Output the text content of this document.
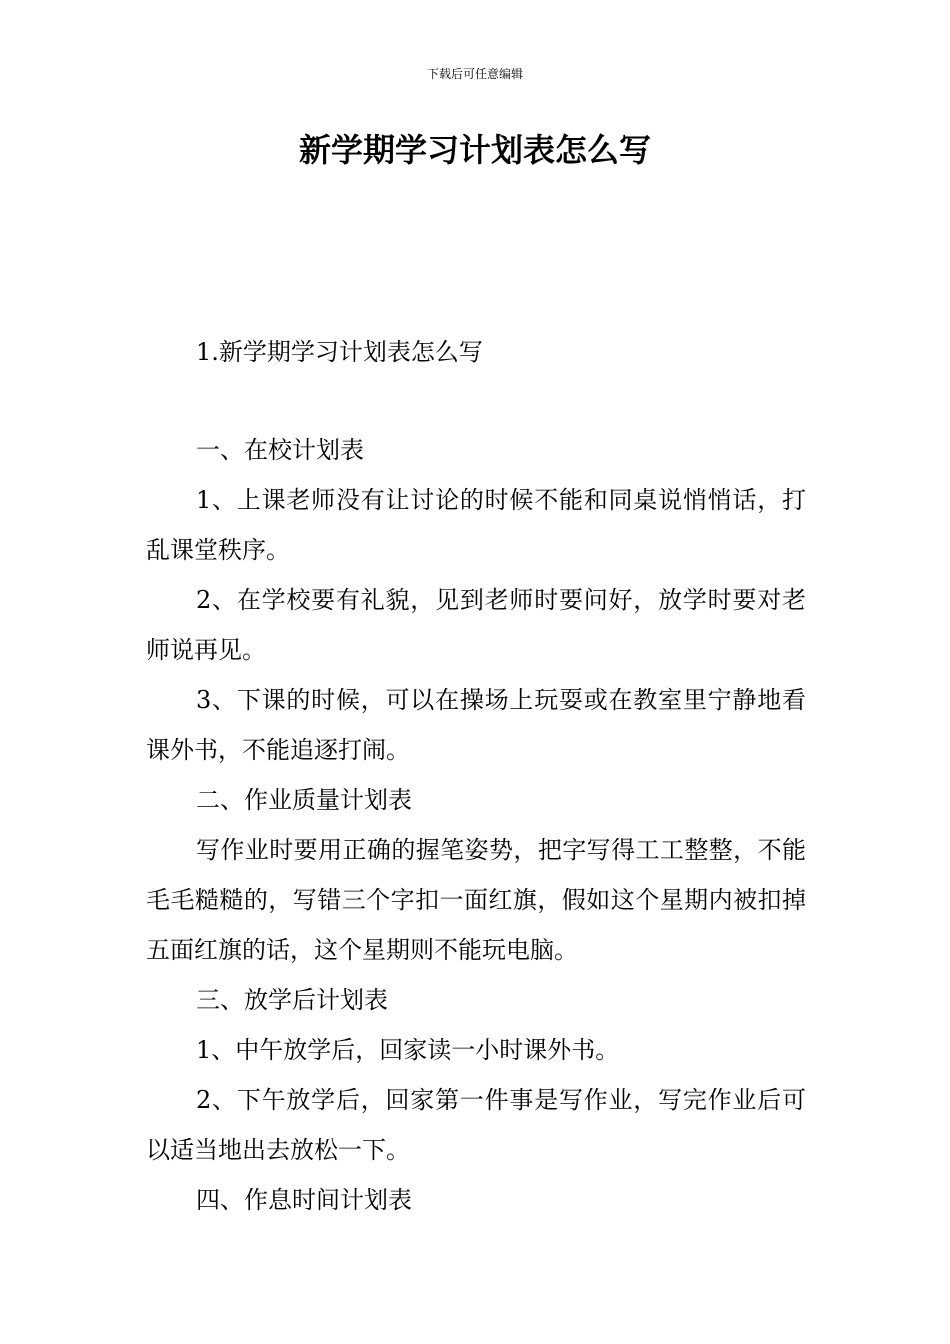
下载后可任意编辑
新学期学习计划表怎么写

1.新学期学习计划表怎么写

一、在校计划表

1、上课老师没有让讨论的时候不能和同桌说悄悄话，打乱课堂秩序。

2、在学校要有礼貌，见到老师时要问好，放学时要对老师说再见。

3、下课的时候，可以在操场上玩耍或在教室里宁静地看课外书，不能追逐打闹。

二、作业质量计划表

写作业时要用正确的握笔姿势，把字写得工工整整，不能毛毛糙糙的，写错三个字扣一面红旗，假如这个星期内被扣掉五面红旗的话，这个星期则不能玩电脑。

三、放学后计划表

1、中午放学后，回家读一小时课外书。

2、下午放学后，回家第一件事是写作业，写完作业后可以适当地出去放松一下。

四、作息时间计划表
